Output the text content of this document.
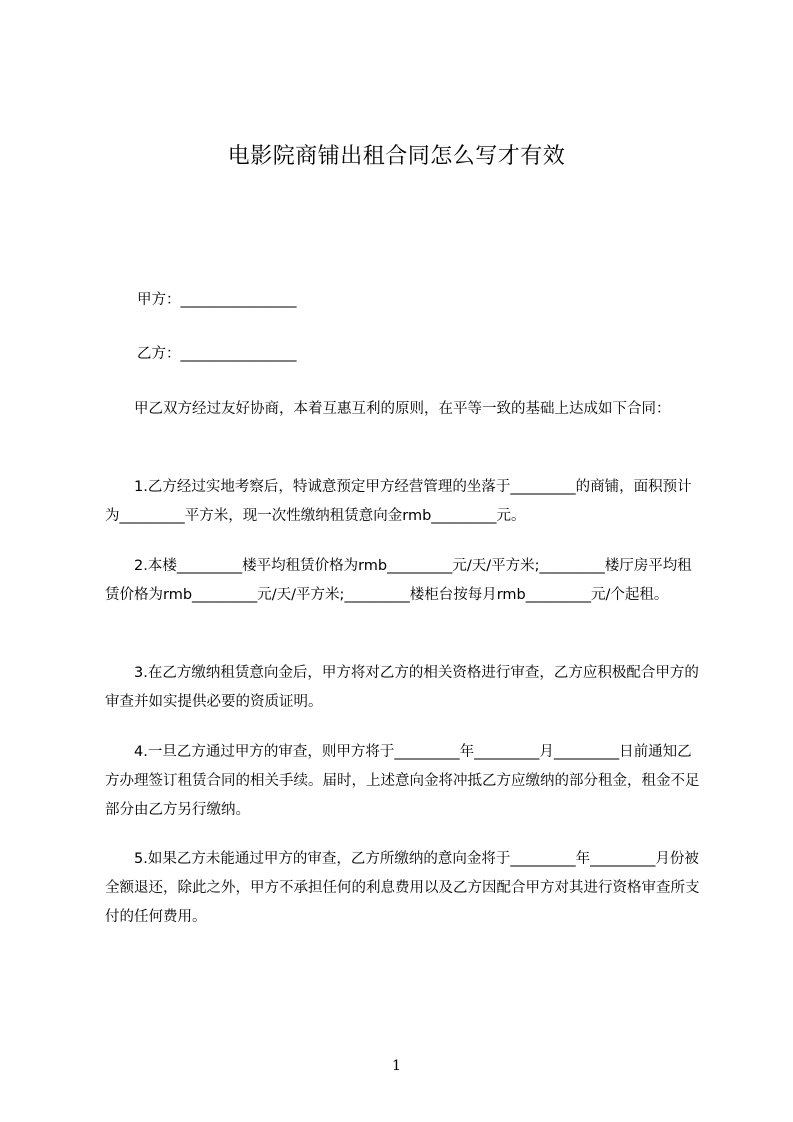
电影院商铺出租合同怎么写才有效

甲方：________________

乙方：________________

　　甲乙双方经过友好协商，本着互惠互利的原则，在平等一致的基础上达成如下合同：

　　1.乙方经过实地考察后，特诚意预定甲方经营管理的坐落于_________的商铺，面积预计为_________平方米，现一次性缴纳租赁意向金rmb_________元。

　　2.本楼_________楼平均租赁价格为rmb_________元/天/平方米;_________楼厅房平均租赁价格为rmb_________元/天/平方米;_________楼柜台按每月rmb_________元/个起租。

　　3.在乙方缴纳租赁意向金后，甲方将对乙方的相关资格进行审查，乙方应积极配合甲方的审查并如实提供必要的资质证明。

　　4.一旦乙方通过甲方的审查，则甲方将于_________年_________月_________日前通知乙方办理签订租赁合同的相关手续。届时，上述意向金将冲抵乙方应缴纳的部分租金，租金不足部分由乙方另行缴纳。

　　5.如果乙方未能通过甲方的审查，乙方所缴纳的意向金将于_________年_________月份被全额退还，除此之外，甲方不承担任何的利息费用以及乙方因配合甲方对其进行资格审查所支付的任何费用。

1
